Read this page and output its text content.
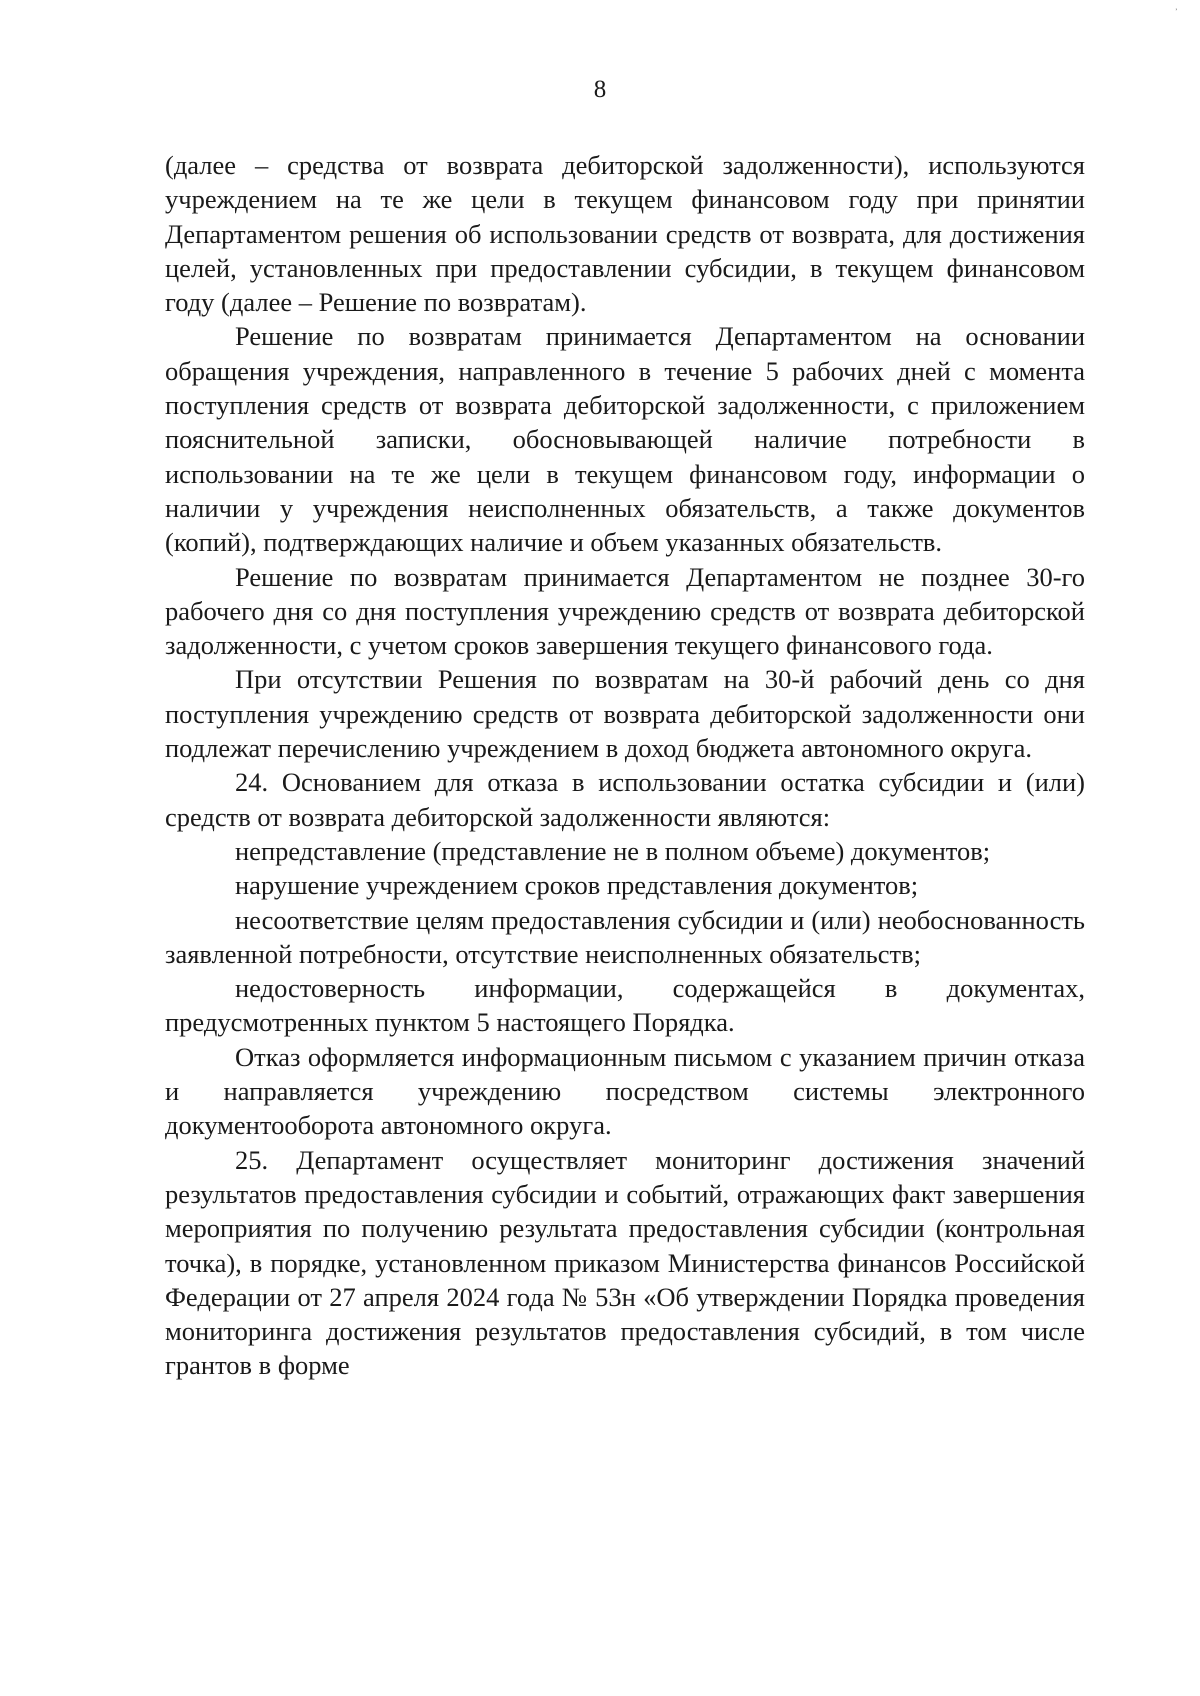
᾽
8

(далее – средства от возврата дебиторской задолженности), используются учреждением на те же цели в текущем финансовом году при принятии Департаментом решения об использовании средств от возврата, для достижения целей, установленных при предоставлении субсидии, в текущем финансовом году (далее – Решение по возвратам).

Решение по возвратам принимается Департаментом на основании обращения учреждения, направленного в течение 5 рабочих дней с момента поступления средств от возврата дебиторской задолженности, с приложением пояснительной записки, обосновывающей наличие потребности в использовании на те же цели в текущем финансовом году, информации о наличии у учреждения неисполненных обязательств, а также документов (копий), подтверждающих наличие и объем указанных обязательств.

Решение по возвратам принимается Департаментом не позднее 30-го рабочего дня со дня поступления учреждению средств от возврата дебиторской задолженности, с учетом сроков завершения текущего финансового года.

При отсутствии Решения по возвратам на 30-й рабочий день со дня поступления учреждению средств от возврата дебиторской задолженности они подлежат перечислению учреждением в доход бюджета автономного округа.

24. Основанием для отказа в использовании остатка субсидии и (или) средств от возврата дебиторской задолженности являются:

непредставление (представление не в полном объеме) документов;

нарушение учреждением сроков представления документов;

несоответствие целям предоставления субсидии и (или) необоснованность заявленной потребности, отсутствие неисполненных обязательств;

недостоверность информации, содержащейся в документах, предусмотренных пунктом 5 настоящего Порядка.

Отказ оформляется информационным письмом с указанием причин отказа и направляется учреждению посредством системы электронного документооборота автономного округа.

25. Департамент осуществляет мониторинг достижения значений результатов предоставления субсидии и событий, отражающих факт завершения мероприятия по получению результата предоставления субсидии (контрольная точка), в порядке, установленном приказом Министерства финансов Российской Федерации от 27 апреля 2024 года № 53н «Об утверждении Порядка проведения мониторинга достижения результатов предоставления субсидий, в том числе грантов в форме
